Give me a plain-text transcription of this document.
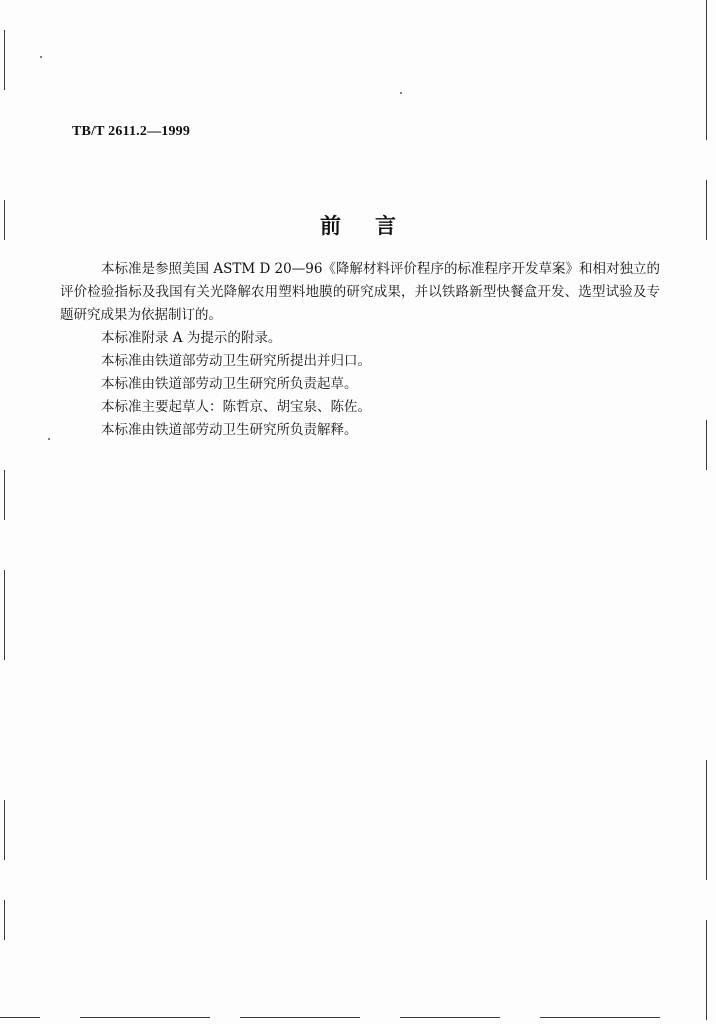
TB/T 2611.2—1999
前言

本标准是参照美国 ASTM D 20—96《降解材料评价程序的标准程序开发草案》和相对独立的评价检验指标及我国有关光降解农用塑料地膜的研究成果，并以铁路新型快餐盒开发、选型试验及专题研究成果为依据制订的。

本标准附录 A 为提示的附录。

本标准由铁道部劳动卫生研究所提出并归口。

本标准由铁道部劳动卫生研究所负责起草。

本标准主要起草人：陈哲京、胡宝泉、陈佐。

本标准由铁道部劳动卫生研究所负责解释。
